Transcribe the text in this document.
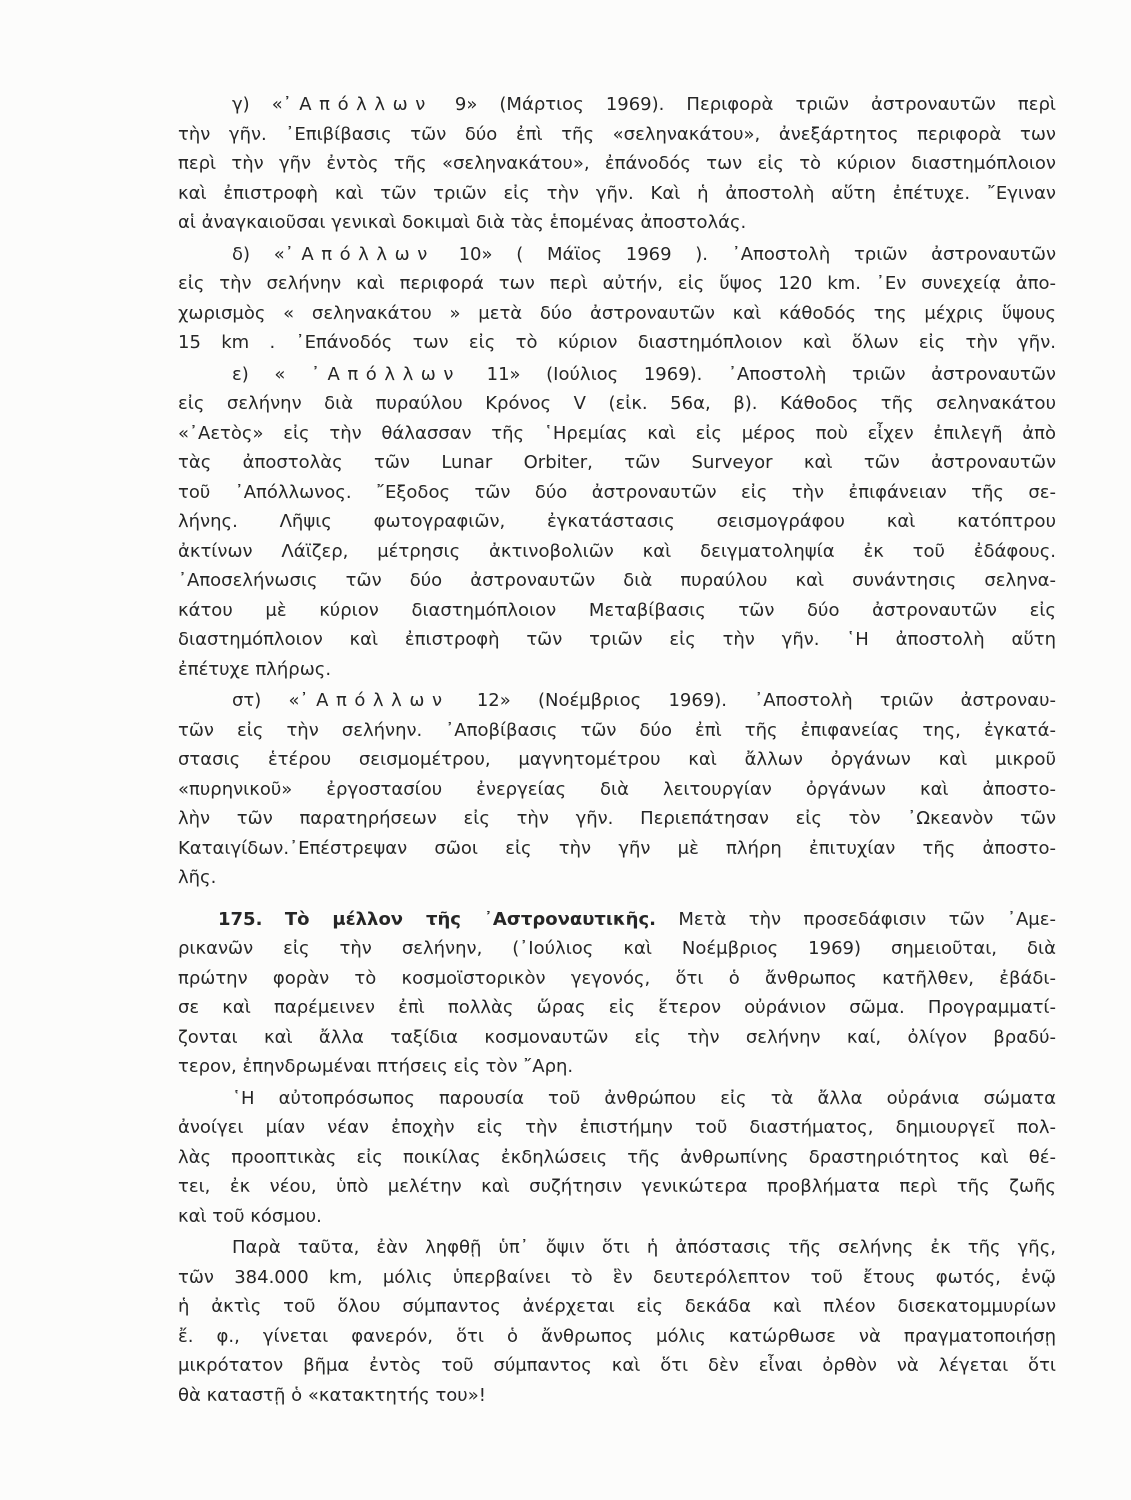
γ) «᾿Απόλλων 9» (Μάρτιος 1969). Περιφορὰ τριῶν ἀστροναυτῶν περὶ
τὴν γῆν. ᾿Επιβίβασις τῶν δύο ἐπὶ τῆς «σεληνακάτου», ἀνεξάρτητος περιφορὰ των
περὶ τὴν γῆν ἐντὸς τῆς «σεληνακάτου», ἐπάνοδός των εἰς τὸ κύριον διαστημόπλοιον
καὶ ἐπιστροφὴ καὶ τῶν τριῶν εἰς τὴν γῆν. Καὶ ἡ ἀποστολὴ αὕτη ἐπέτυχε. ῎Εγιναν
αἱ ἀναγκαιοῦσαι γενικαὶ δοκιμαὶ διὰ τὰς ἑπομένας ἀποστολάς.
δ) «᾿Απόλλων 10» ( Μάϊος 1969 ). ᾿Αποστολὴ τριῶν ἀστροναυτῶν
εἰς τὴν σελήνην καὶ περιφορά των περὶ αὐτήν, εἰς ὕψος 120 km. ᾿Εν συνεχείᾳ ἀπο-
χωρισμὸς « σεληνακάτου » μετὰ δύο ἀστροναυτῶν καὶ κάθοδός της μέχρις ὕψους
15 km . ᾿Επάνοδός των εἰς τὸ κύριον διαστημόπλοιον καὶ ὅλων εἰς τὴν γῆν.
ε) « ᾿Απόλλων 11» (Ιούλιος 1969). ᾿Αποστολὴ τριῶν ἀστροναυτῶν
εἰς σελήνην διὰ πυραύλου Κρόνος V (εἰκ. 56α, β). Κάθοδος τῆς σεληνακάτου
«᾿Αετὸς» εἰς τὴν θάλασσαν τῆς ῾Ηρεμίας καὶ εἰς μέρος ποὺ εἶχεν ἐπιλεγῆ ἀπὸ
τὰς ἀποστολὰς τῶν Lunar Orbiter, τῶν Surveyor καὶ τῶν ἀστροναυτῶν
τοῦ ᾿Απόλλωνος. ῎Εξοδος τῶν δύο ἀστροναυτῶν εἰς τὴν ἐπιφάνειαν τῆς σε-
λήνης. Λῆψις φωτογραφιῶν, ἐγκατάστασις σεισμογράφου καὶ κατόπτρου
ἀκτίνων Λάϊζερ, μέτρησις ἀκτινοβολιῶν καὶ δειγματοληψία ἐκ τοῦ ἐδάφους.
᾿Αποσελήνωσις τῶν δύο ἀστροναυτῶν διὰ πυραύλου καὶ συνάντησις σεληνα-
κάτου μὲ κύριον διαστημόπλοιον Μεταβίβασις τῶν δύο ἀστροναυτῶν εἰς
διαστημόπλοιον καὶ ἐπιστροφὴ τῶν τριῶν εἰς τὴν γῆν. ῾Η ἀποστολὴ αὕτη
ἐπέτυχε πλήρως.
στ) «᾿Απόλλων 12» (Νοέμβριος 1969). ᾿Αποστολὴ τριῶν ἀστροναυ-
τῶν εἰς τὴν σελήνην. ᾿Αποβίβασις τῶν δύο ἐπὶ τῆς ἐπιφανείας της, ἐγκατά-
στασις ἑτέρου σεισμομέτρου, μαγνητομέτρου καὶ ἄλλων ὀργάνων καὶ μικροῦ
«πυρηνικοῦ» ἐργοστασίου ἐνεργείας διὰ λειτουργίαν ὀργάνων καὶ ἀποστο-
λὴν τῶν παρατηρήσεων εἰς τὴν γῆν. Περιεπάτησαν εἰς τὸν ᾿Ωκεανὸν τῶν
Καταιγίδων.᾿Επέστρεψαν σῶοι εἰς τὴν γῆν μὲ πλήρη ἐπιτυχίαν τῆς ἀποστο-
λῆς.
175. Τὸ μέλλον τῆς ᾿Αστροναυτικῆς. Μετὰ τὴν προσεδάφισιν τῶν ᾿Αμε-
ρικανῶν εἰς τὴν σελήνην, (᾿Ιούλιος καὶ Νοέμβριος 1969) σημειοῦται, διὰ
πρώτην φορὰν τὸ κοσμοϊστορικὸν γεγονός, ὅτι ὁ ἄνθρωπος κατῆλθεν, ἐβάδι-
σε καὶ παρέμεινεν ἐπὶ πολλὰς ὥρας εἰς ἕτερον οὐράνιον σῶμα. Προγραμματί-
ζονται καὶ ἄλλα ταξίδια κοσμοναυτῶν εἰς τὴν σελήνην καί, ὀλίγον βραδύ-
τερον, ἐπηνδρωμέναι πτήσεις εἰς τὸν ῎Αρη.
῾Η αὐτοπρόσωπος παρουσία τοῦ ἀνθρώπου εἰς τὰ ἄλλα οὐράνια σώματα
ἀνοίγει μίαν νέαν ἐποχὴν εἰς τὴν ἐπιστήμην τοῦ διαστήματος, δημιουργεῖ πολ-
λὰς προοπτικὰς εἰς ποικίλας ἐκδηλώσεις τῆς ἀνθρωπίνης δραστηριότητος καὶ θέ-
τει, ἐκ νέου, ὑπὸ μελέτην καὶ συζήτησιν γενικώτερα προβλήματα περὶ τῆς ζωῆς
καὶ τοῦ κόσμου.
Παρὰ ταῦτα, ἐὰν ληφθῇ ὑπ᾿ ὄψιν ὅτι ἡ ἀπόστασις τῆς σελήνης ἐκ τῆς γῆς,
τῶν 384.000 km, μόλις ὑπερβαίνει τὸ ἓν δευτερόλεπτον τοῦ ἔτους φωτός, ἐνῷ
ἡ ἀκτὶς τοῦ ὅλου σύμπαντος ἀνέρχεται εἰς δεκάδα καὶ πλέον δισεκατομμυρίων
ἔ. φ., γίνεται φανερόν, ὅτι ὁ ἄνθρωπος μόλις κατώρθωσε νὰ πραγματοποιήσῃ
μικρότατον βῆμα ἐντὸς τοῦ σύμπαντος καὶ ὅτι δὲν εἶναι ὀρθὸν νὰ λέγεται ὅτι
θὰ καταστῇ ὁ «κατακτητής του»!
